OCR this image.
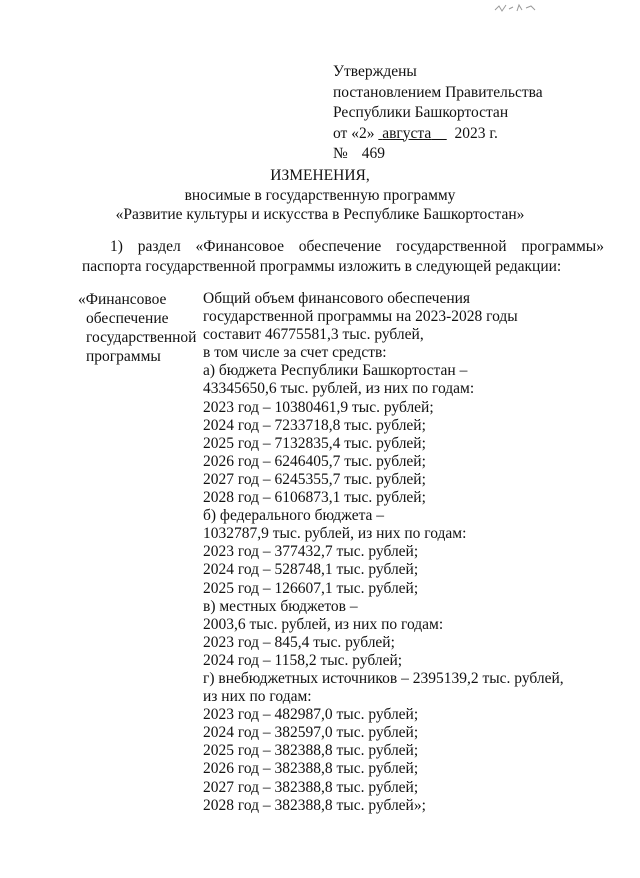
Утверждены
постановлением Правительства
Республики Башкортостан
от «2» августа 2023 г.
№ 469
ИЗМЕНЕНИЯ,
вносимые в государственную программу
«Развитие культуры и искусства в Республике Башкортостан»
1) раздел «Финансовое обеспечение государственной программы»
паспорта государственной программы изложить в следующей редакции:
«Финансовое
обеспечение
государственной
программы
Общий объем финансового обеспечения
государственной программы на 2023-2028 годы
составит 46775581,3 тыс. рублей,
в том числе за счет средств:
а) бюджета Республики Башкортостан –
43345650,6 тыс. рублей, из них по годам:
2023 год – 10380461,9 тыс. рублей;
2024 год – 7233718,8 тыс. рублей;
2025 год – 7132835,4 тыс. рублей;
2026 год – 6246405,7 тыс. рублей;
2027 год – 6245355,7 тыс. рублей;
2028 год – 6106873,1 тыс. рублей;
б) федерального бюджета –
1032787,9 тыс. рублей, из них по годам:
2023 год – 377432,7 тыс. рублей;
2024 год – 528748,1 тыс. рублей;
2025 год – 126607,1 тыс. рублей;
в) местных бюджетов –
2003,6 тыс. рублей, из них по годам:
2023 год – 845,4 тыс. рублей;
2024 год – 1158,2 тыс. рублей;
г) внебюджетных источников – 2395139,2 тыс. рублей,
из них по годам:
2023 год – 482987,0 тыс. рублей;
2024 год – 382597,0 тыс. рублей;
2025 год – 382388,8 тыс. рублей;
2026 год – 382388,8 тыс. рублей;
2027 год – 382388,8 тыс. рублей;
2028 год – 382388,8 тыс. рублей»;
